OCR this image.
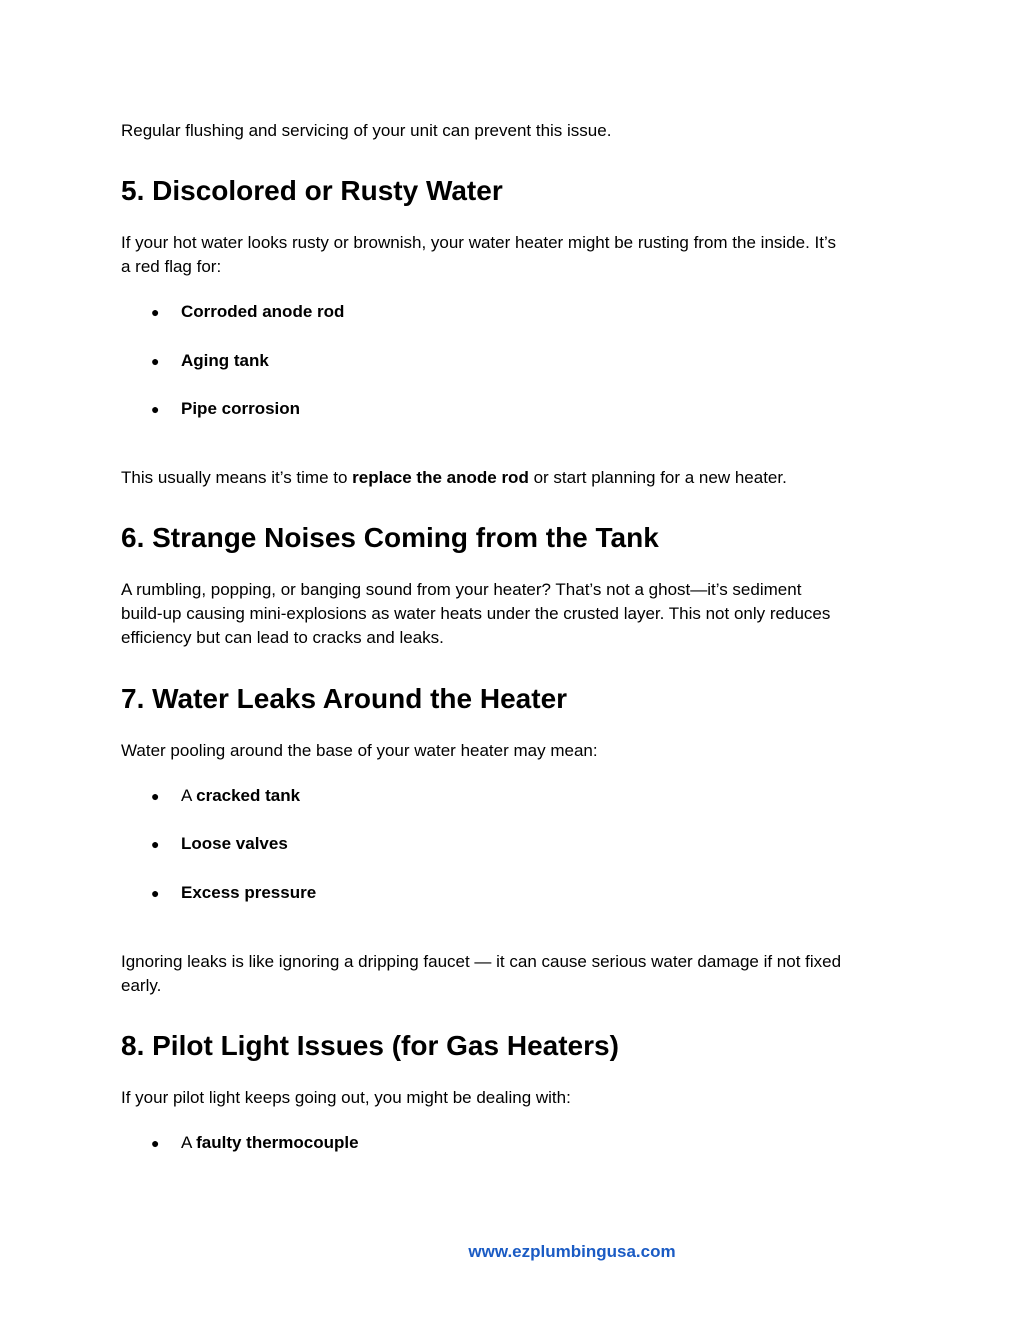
Regular flushing and servicing of your unit can prevent this issue.

5. Discolored or Rusty Water

If your hot water looks rusty or brownish, your water heater might be rusting from the inside. It’s

a red flag for:

● Corroded anode rod
● Aging tank
● Pipe corrosion

This usually means it’s time to replace the anode rod or start planning for a new heater.

6. Strange Noises Coming from the Tank

A rumbling, popping, or banging sound from your heater? That’s not a ghost—it’s sediment

build-up causing mini-explosions as water heats under the crusted layer. This not only reduces

efficiency but can lead to cracks and leaks.

7. Water Leaks Around the Heater

Water pooling around the base of your water heater may mean:

● A cracked tank
● Loose valves
● Excess pressure

Ignoring leaks is like ignoring a dripping faucet — it can cause serious water damage if not fixed

early.

8. Pilot Light Issues (for Gas Heaters)

If your pilot light keeps going out, you might be dealing with:

● A faulty thermocouple
www.ezplumbingusa.com
